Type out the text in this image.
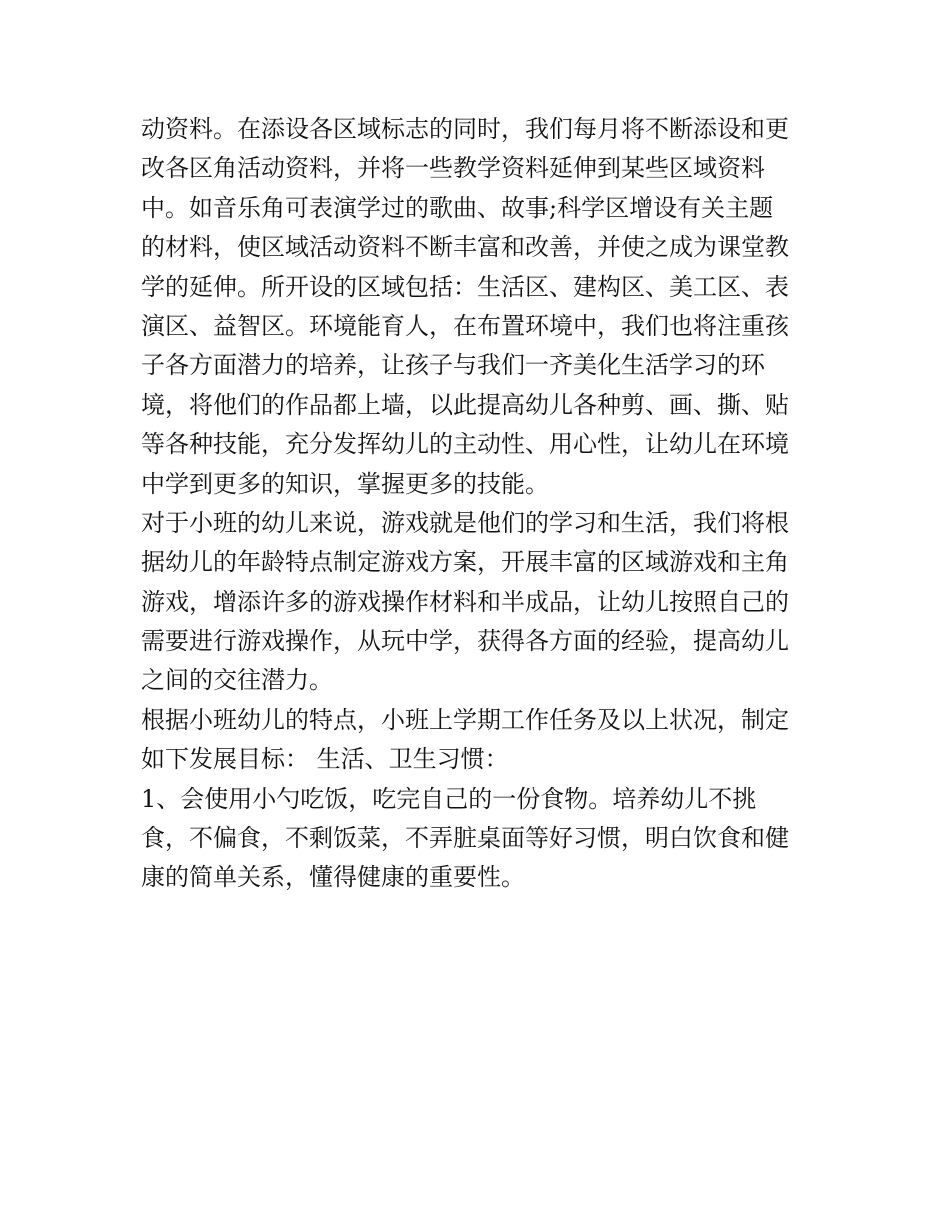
动资料。在添设各区域标志的同时，我们每月将不断添设和更
改各区角活动资料，并将一些教学资料延伸到某些区域资料
中。如音乐角可表演学过的歌曲、故事;科学区增设有关主题
的材料，使区域活动资料不断丰富和改善，并使之成为课堂教
学的延伸。所开设的区域包括：生活区、建构区、美工区、表
演区、益智区。环境能育人，在布置环境中，我们也将注重孩
子各方面潜力的培养，让孩子与我们一齐美化生活学习的环
境，将他们的作品都上墙，以此提高幼儿各种剪、画、撕、贴
等各种技能，充分发挥幼儿的主动性、用心性，让幼儿在环境
中学到更多的知识，掌握更多的技能。
对于小班的幼儿来说，游戏就是他们的学习和生活，我们将根
据幼儿的年龄特点制定游戏方案，开展丰富的区域游戏和主角
游戏，增添许多的游戏操作材料和半成品，让幼儿按照自己的
需要进行游戏操作，从玩中学，获得各方面的经验，提高幼儿
之间的交往潜力。
根据小班幼儿的特点，小班上学期工作任务及以上状况，制定
如下发展目标： 生活、卫生习惯：
1、会使用小勺吃饭，吃完自己的一份食物。培养幼儿不挑
食，不偏食，不剩饭菜，不弄脏桌面等好习惯，明白饮食和健
康的简单关系，懂得健康的重要性。
